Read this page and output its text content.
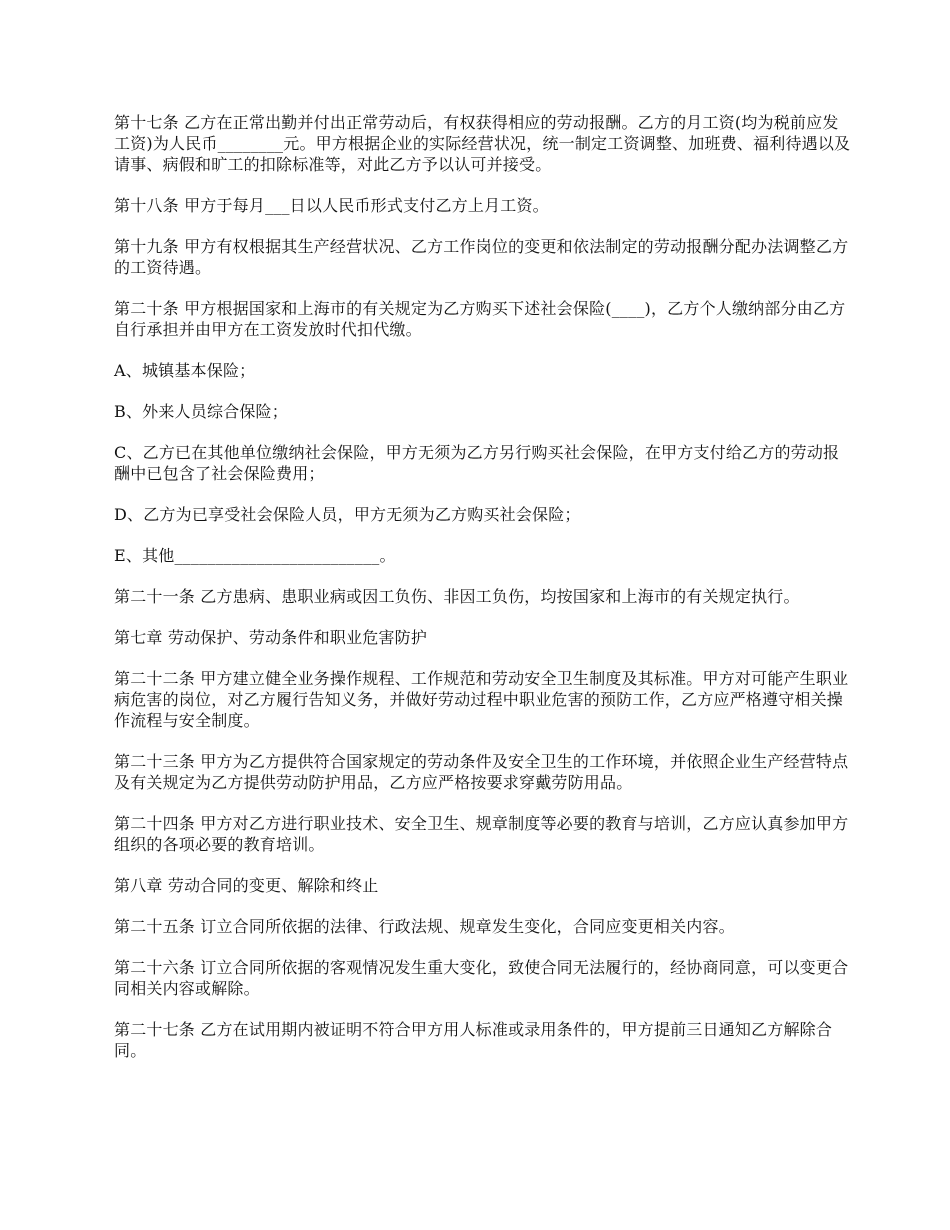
第十七条 乙方在正常出勤并付出正常劳动后，有权获得相应的劳动报酬。乙方的月工资(均为税前应发工资)为人民币________元。甲方根据企业的实际经营状况，统一制定工资调整、加班费、福利待遇以及请事、病假和旷工的扣除标准等，对此乙方予以认可并接受。

第十八条 甲方于每月___日以人民币形式支付乙方上月工资。

第十九条 甲方有权根据其生产经营状况、乙方工作岗位的变更和依法制定的劳动报酬分配办法调整乙方的工资待遇。

第二十条 甲方根据国家和上海市的有关规定为乙方购买下述社会保险(____)，乙方个人缴纳部分由乙方自行承担并由甲方在工资发放时代扣代缴。

A、城镇基本保险；

B、外来人员综合保险；

C、乙方已在其他单位缴纳社会保险，甲方无须为乙方另行购买社会保险，在甲方支付给乙方的劳动报酬中已包含了社会保险费用；

D、乙方为已享受社会保险人员，甲方无须为乙方购买社会保险；

E、其他_________________________。

第二十一条 乙方患病、患职业病或因工负伤、非因工负伤，均按国家和上海市的有关规定执行。

第七章 劳动保护、劳动条件和职业危害防护

第二十二条 甲方建立健全业务操作规程、工作规范和劳动安全卫生制度及其标准。甲方对可能产生职业病危害的岗位，对乙方履行告知义务，并做好劳动过程中职业危害的预防工作，乙方应严格遵守相关操作流程与安全制度。

第二十三条 甲方为乙方提供符合国家规定的劳动条件及安全卫生的工作环境，并依照企业生产经营特点及有关规定为乙方提供劳动防护用品，乙方应严格按要求穿戴劳防用品。

第二十四条 甲方对乙方进行职业技术、安全卫生、规章制度等必要的教育与培训，乙方应认真参加甲方组织的各项必要的教育培训。

第八章 劳动合同的变更、解除和终止

第二十五条 订立合同所依据的法律、行政法规、规章发生变化，合同应变更相关内容。

第二十六条 订立合同所依据的客观情况发生重大变化，致使合同无法履行的，经协商同意，可以变更合同相关内容或解除。

第二十七条 乙方在试用期内被证明不符合甲方用人标准或录用条件的，甲方提前三日通知乙方解除合同。
